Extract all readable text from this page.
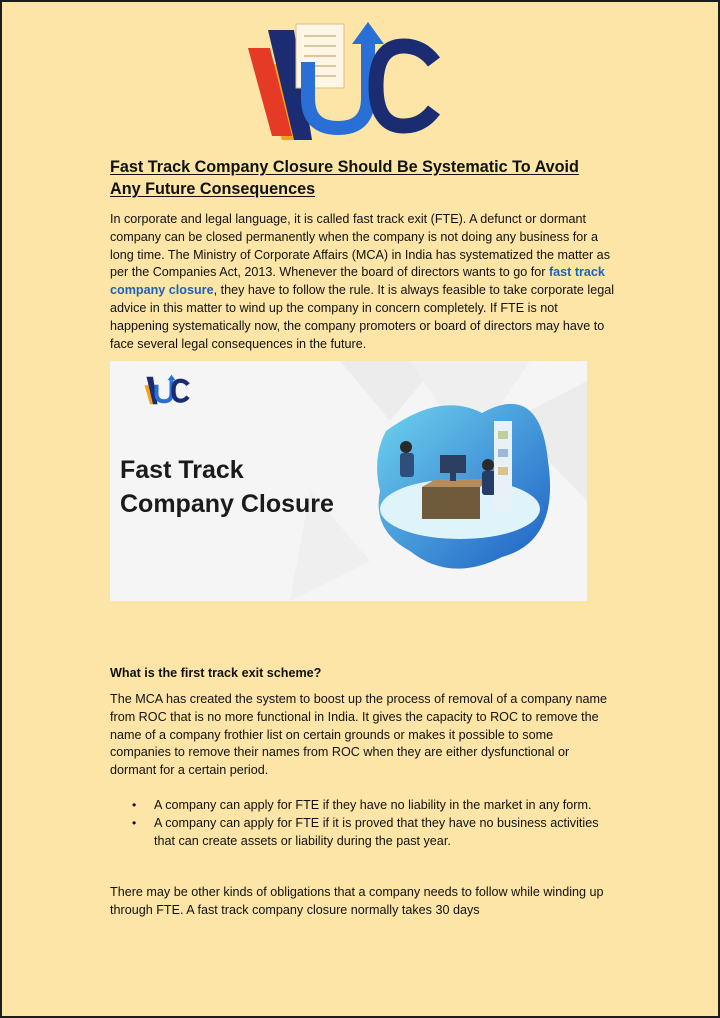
UC
Fast Track Company Closure Should Be Systematic To Avoid
Any Future Consequences
In corporate and legal language, it is called fast track exit (FTE). A defunct or dormant company can be closed permanently when the company is not doing any business for a long time. The Ministry of Corporate Affairs (MCA) in India has systematized the matter as per the Companies Act, 2013. Whenever the board of directors wants to go for fast track company closure, they have to follow the rule. It is always feasible to take corporate legal advice in this matter to wind up the company in concern completely. If FTE is not happening systematically now, the company promoters or board of directors may have to face several legal consequences in the future.
Fast Track
Company Closure
What is the first track exit scheme?
The MCA has created the system to boost up the process of removal of a company name from ROC that is no more functional in India. It gives the capacity to ROC to remove the name of a company frothier list on certain grounds or makes it possible to some companies to remove their names from ROC when they are either dysfunctional or dormant for a certain period.
• A company can apply for FTE if they have no liability in the market in any form.
• A company can apply for FTE if it is proved that they have no business activities that can create assets or liability during the past year.
There may be other kinds of obligations that a company needs to follow while winding up through FTE. A fast track company closure normally takes 30 days
